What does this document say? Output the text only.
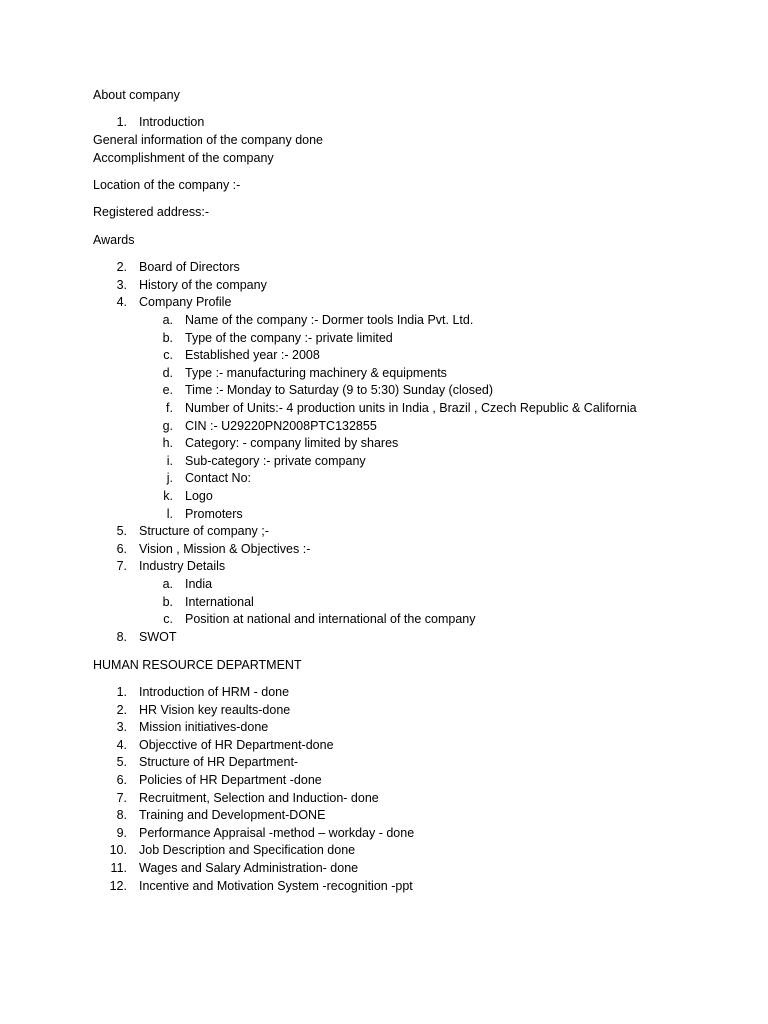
About company
1. Introduction
General information of the company done
Accomplishment of the company
Location of the company :-
Registered address:-
Awards
2. Board of Directors
3. History of the company
4. Company Profile
a. Name of the company :- Dormer tools India Pvt. Ltd.
b. Type of the company :- private limited
c. Established year :- 2008
d. Type :- manufacturing machinery & equipments
e. Time :- Monday to Saturday (9 to 5:30) Sunday (closed)
f. Number of Units:- 4 production units in India , Brazil , Czech Republic & California
g. CIN :- U29220PN2008PTC132855
h. Category: - company limited by shares
i. Sub-category :- private company
j. Contact No:
k. Logo
l. Promoters
5. Structure of company ;-
6. Vision , Mission & Objectives :-
7. Industry Details
a. India
b. International
c. Position at national and international of the company
8. SWOT
HUMAN RESOURCE DEPARTMENT
1. Introduction of HRM - done
2. HR Vision key reaults-done
3. Mission initiatives-done
4. Objecctive of HR Department-done
5. Structure of HR Department-
6. Policies of HR Department -done
7. Recruitment, Selection and Induction- done
8. Training and Development-DONE
9. Performance Appraisal -method – workday - done
10. Job Description and Specification done
11. Wages and Salary Administration- done
12. Incentive and Motivation System -recognition -ppt
